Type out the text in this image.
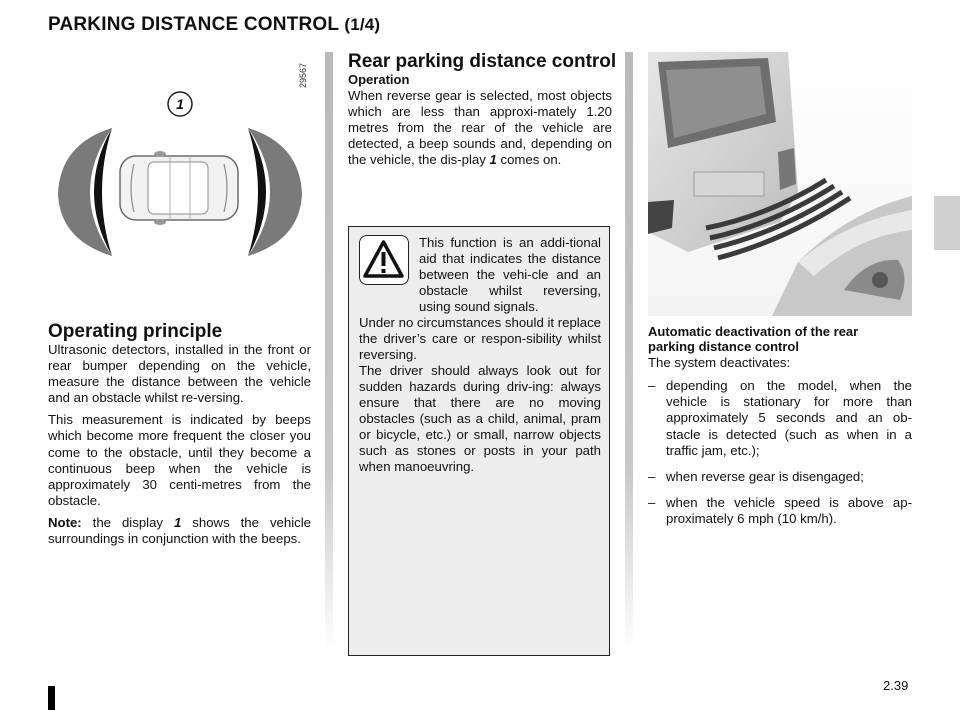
PARKING DISTANCE CONTROL (1/4)
29567
1
Operating principle

Ultrasonic detectors, installed in the front or rear bumper depending on the vehicle, measure the distance between the vehicle and an obstacle whilst re-versing.

This measurement is indicated by beeps which become more frequent the closer you come to the obstacle, until they become a continuous beep when the vehicle is approximately 30 centi-metres from the obstacle.

Note: the display 1 shows the vehicle surroundings in conjunction with the beeps.

Rear parking distance control
Operation

When reverse gear is selected, most objects which are less than approxi-mately 1.20 metres from the rear of the vehicle are detected, a beep sounds and, depending on the vehicle, the dis-play 1 comes on.

This function is an addi-tional aid that indicates the distance between the vehi-cle and an obstacle whilst reversing, using sound signals.

Under no circumstances should it replace the driver’s care or respon-sibility whilst reversing.

The driver should always look out for sudden hazards during driv-ing: always ensure that there are no moving obstacles (such as a child, animal, pram or bicycle, etc.) or small, narrow objects such as stones or posts in your path when manoeuvring.

Automatic deactivation of the rear parking distance control
The system deactivates:
– depending on the model, when the vehicle is stationary for more than approximately 5 seconds and an ob-stacle is detected (such as when in a traffic jam, etc.);
– when reverse gear is disengaged;
– when the vehicle speed is above ap-proximately 6 mph (10 km/h).
2.39
